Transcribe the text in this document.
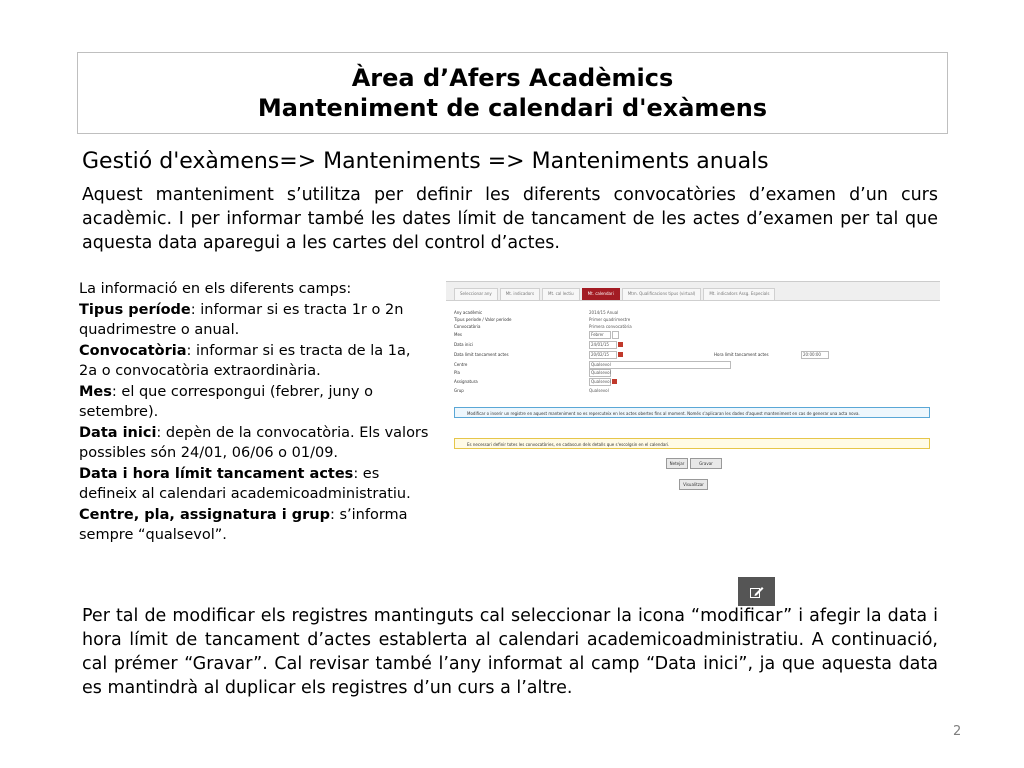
Àrea d’Afers Acadèmics
Manteniment de calendari d'exàmens
Gestió d'exàmens=> Manteniments => Manteniments anuals
Aquest manteniment s’utilitza per definir les diferents convocatòries d’examen d’un curs acadèmic. I per informar també les dates límit de tancament de les actes d’examen per tal que aquesta data aparegui a les cartes del control d’actes.
La informació en els diferents camps:
Tipus període: informar si es tracta 1r o 2n quadrimestre o anual.
Convocatòria: informar si es tracta de la 1a, 2a o convocatòria extraordinària.
Mes: el que correspongui (febrer, juny o setembre).
Data inici: depèn de la convocatòria. Els valors possibles són 24/01, 06/06 o 01/09.
Data i hora límit tancament actes: es defineix al calendari academicoadministratiu.
Centre, pla, assignatura i grup: s’informa sempre “qualsevol”.
Seleccionar any	Mt. indicadors	Mt. cal lectiu	Mt. calendari	Mtm. Qualificacions tipus (virtual)	Mt. indicadors Assg. Especials
Any acadèmic	2014/15 Anual
Tipus període / Valor període	Primer quadrimestre
Convocatòria	Primera convocatòria
Mes	Febrer
Data inici	24/01/15
Data límit tancament actes	20/02/15	Hora límit tancament actes	20:00:00
Centre	Qualsevol
Pla	Qualsevol
Assignatura	Qualsevol
Grup	Qualsevol
Modificar o inserir un registre en aquest manteniment no es repercuteix en les actes obertes fins al moment. Només s'aplicaran les dades d'aquest manteniment en cas de generar una acta nova.
Es necessari definir totes les convocatòries, en cadascun dels detalls que s'escolgsin en el calendari.
Netejar	Gravar
Visualitzar
Per tal de modificar els registres mantinguts cal seleccionar la icona “modificar” i afegir la data i hora límit de tancament d’actes establerta al calendari academicoadministratiu. A continuació, cal prémer “Gravar”. Cal revisar també l’any informat al camp “Data inici”, ja que aquesta data es mantindrà al duplicar els registres d’un curs a l’altre.
2
